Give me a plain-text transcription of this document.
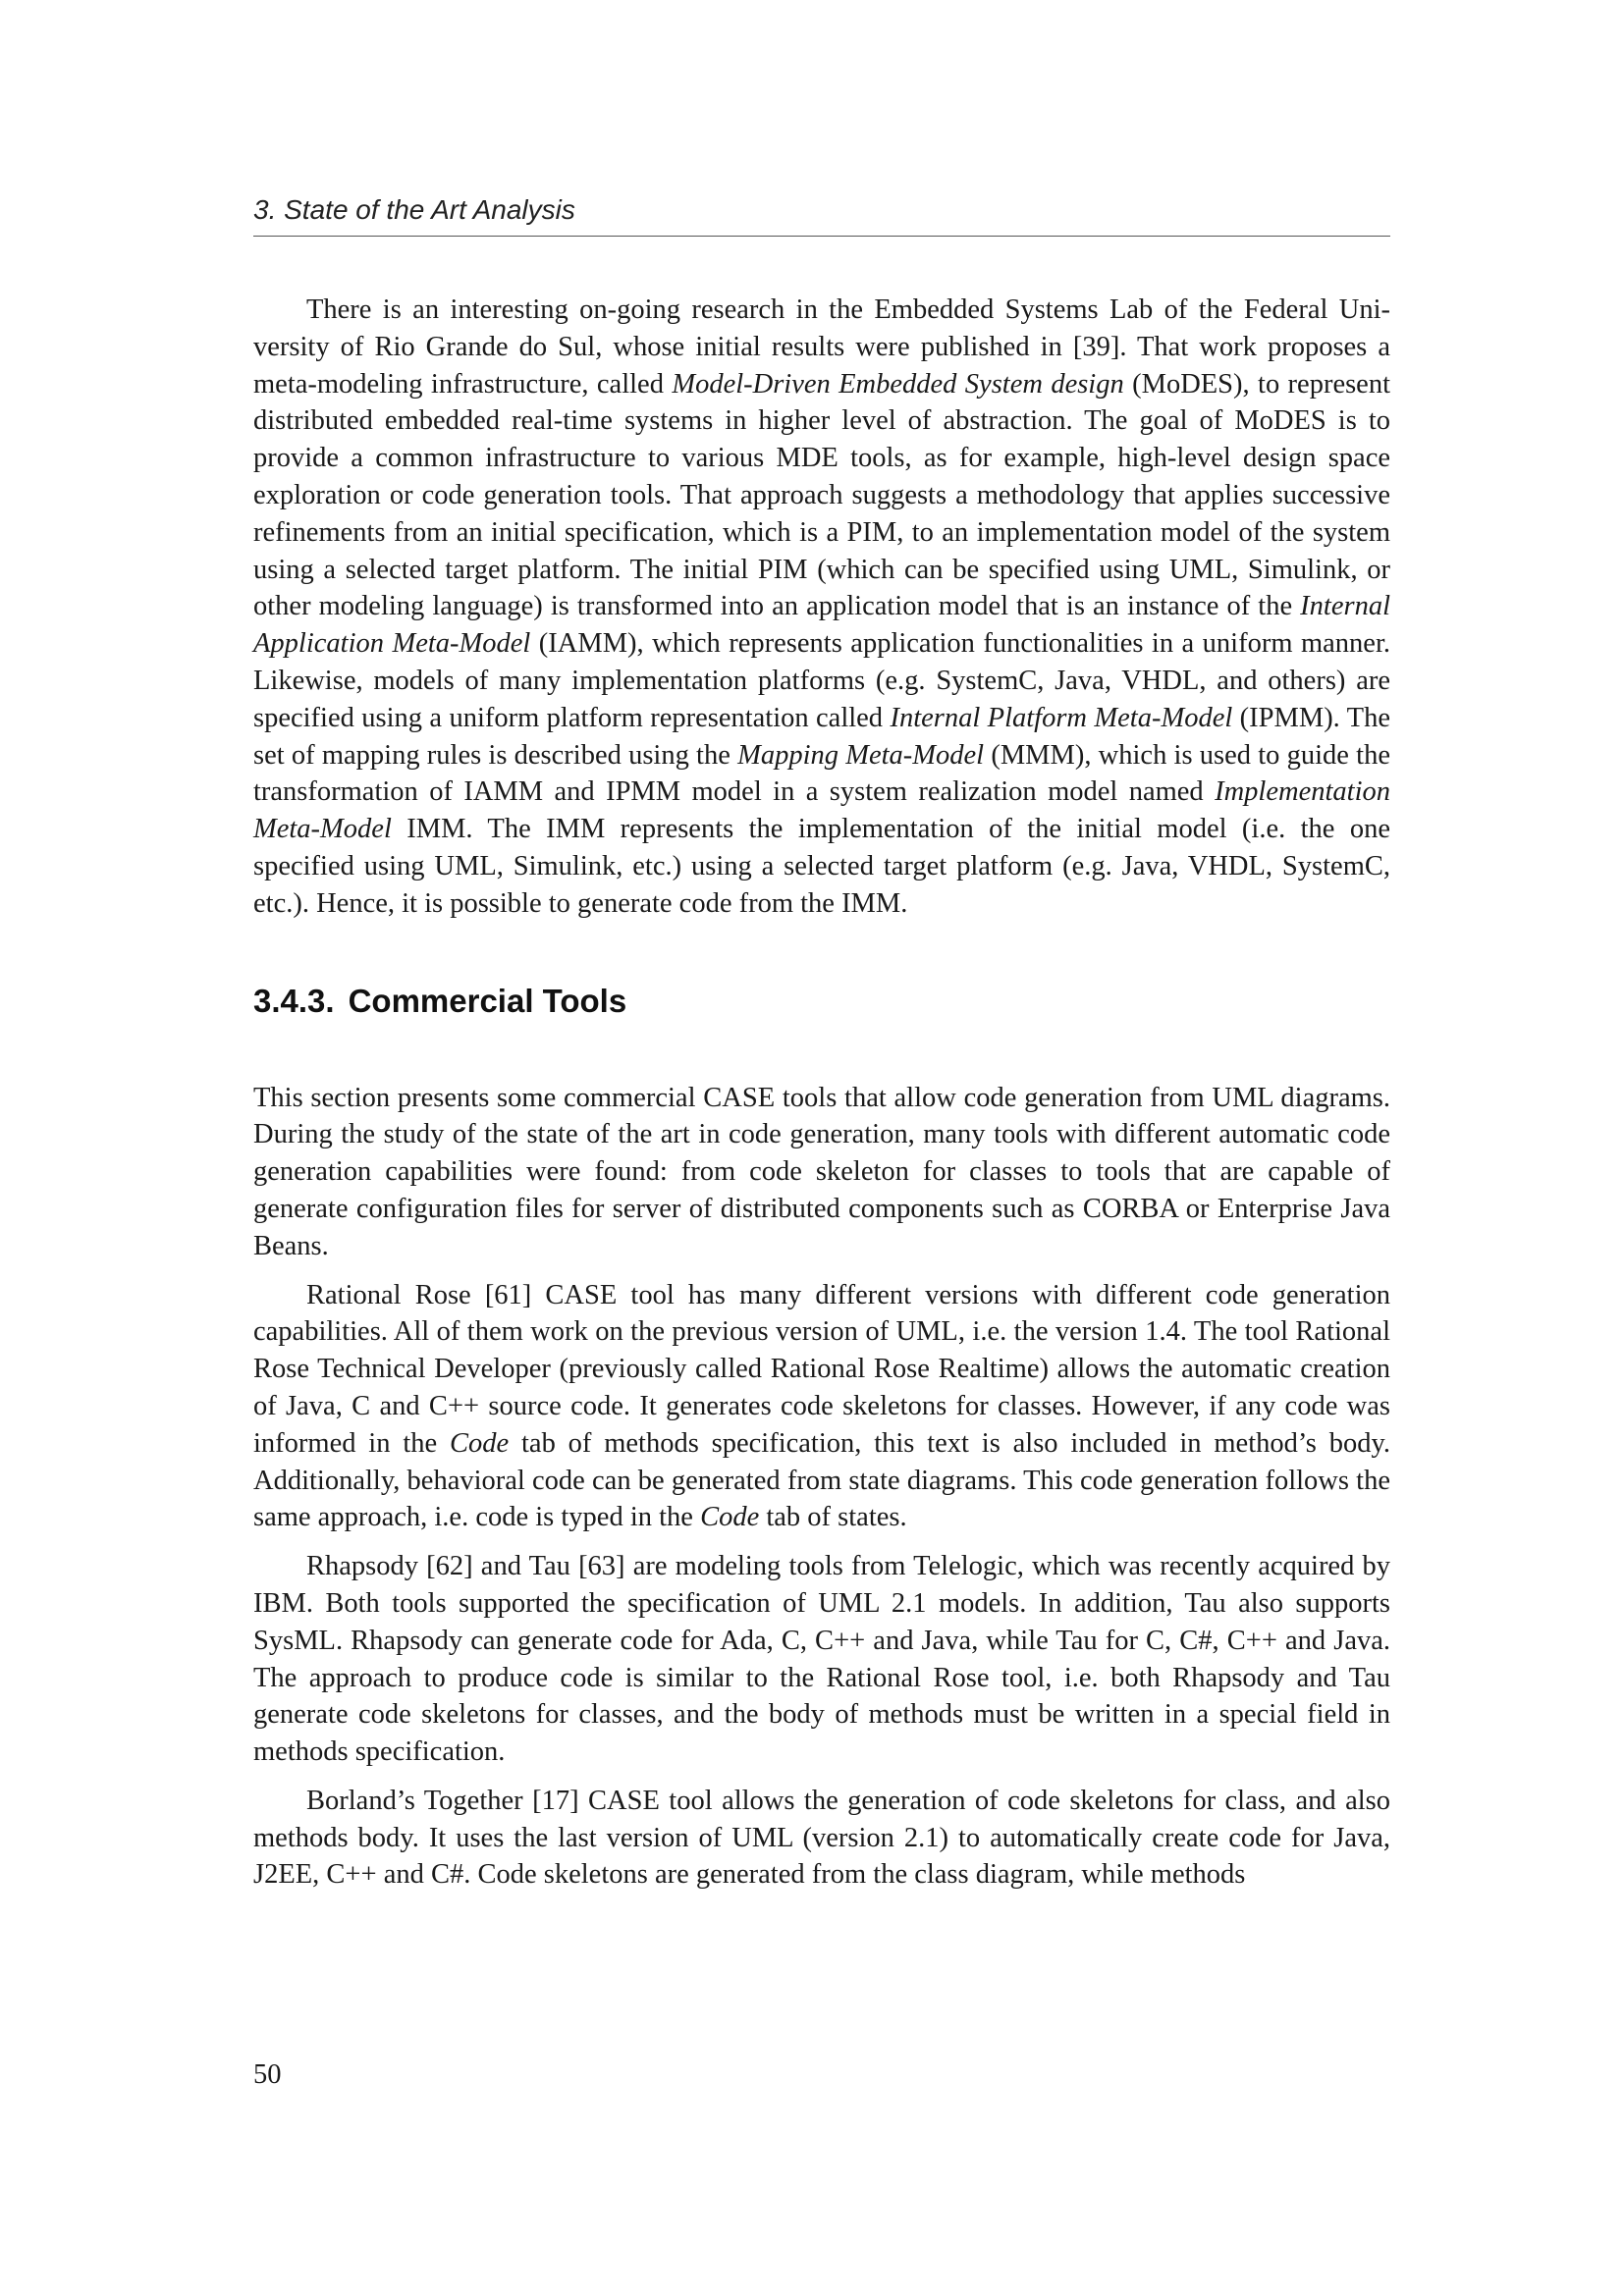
3. State of the Art Analysis

There is an interesting on-going research in the Embedded Systems Lab of the Federal University of Rio Grande do Sul, whose initial results were published in [39]. That work proposes a meta-modeling infrastructure, called Model-Driven Embedded System design (MoDES), to represent distributed embedded real-time systems in higher level of abstraction. The goal of MoDES is to provide a common infrastructure to various MDE tools, as for example, high-level design space exploration or code generation tools. That approach suggests a methodology that applies successive refinements from an initial specification, which is a PIM, to an implementation model of the system using a selected target platform. The initial PIM (which can be specified using UML, Simulink, or other modeling language) is transformed into an application model that is an instance of the Internal Application Meta-Model (IAMM), which represents application functionalities in a uniform manner. Likewise, models of many implementation platforms (e.g. SystemC, Java, VHDL, and others) are specified using a uniform platform representation called Internal Platform Meta-Model (IPMM). The set of mapping rules is described using the Mapping Meta-Model (MMM), which is used to guide the transformation of IAMM and IPMM model in a system realization model named Implementation Meta-Model IMM. The IMM represents the implementation of the initial model (i.e. the one specified using UML, Simulink, etc.) using a selected target platform (e.g. Java, VHDL, SystemC, etc.). Hence, it is possible to generate code from the IMM.

3.4.3. Commercial Tools

This section presents some commercial CASE tools that allow code generation from UML diagrams. During the study of the state of the art in code generation, many tools with different automatic code generation capabilities were found: from code skeleton for classes to tools that are capable of generate configuration files for server of distributed components such as CORBA or Enterprise Java Beans.

Rational Rose [61] CASE tool has many different versions with different code generation capabilities. All of them work on the previous version of UML, i.e. the version 1.4. The tool Rational Rose Technical Developer (previously called Rational Rose Realtime) allows the automatic creation of Java, C and C++ source code. It generates code skeletons for classes. However, if any code was informed in the Code tab of methods specification, this text is also included in method’s body. Additionally, behavioral code can be generated from state diagrams. This code generation follows the same approach, i.e. code is typed in the Code tab of states.

Rhapsody [62] and Tau [63] are modeling tools from Telelogic, which was recently acquired by IBM. Both tools supported the specification of UML 2.1 models. In addition, Tau also supports SysML. Rhapsody can generate code for Ada, C, C++ and Java, while Tau for C, C#, C++ and Java. The approach to produce code is similar to the Rational Rose tool, i.e. both Rhapsody and Tau generate code skeletons for classes, and the body of methods must be written in a special field in methods specification.

Borland’s Together [17] CASE tool allows the generation of code skeletons for class, and also methods body. It uses the last version of UML (version 2.1) to automatically create code for Java, J2EE, C++ and C#. Code skeletons are generated from the class diagram, while methods

50
